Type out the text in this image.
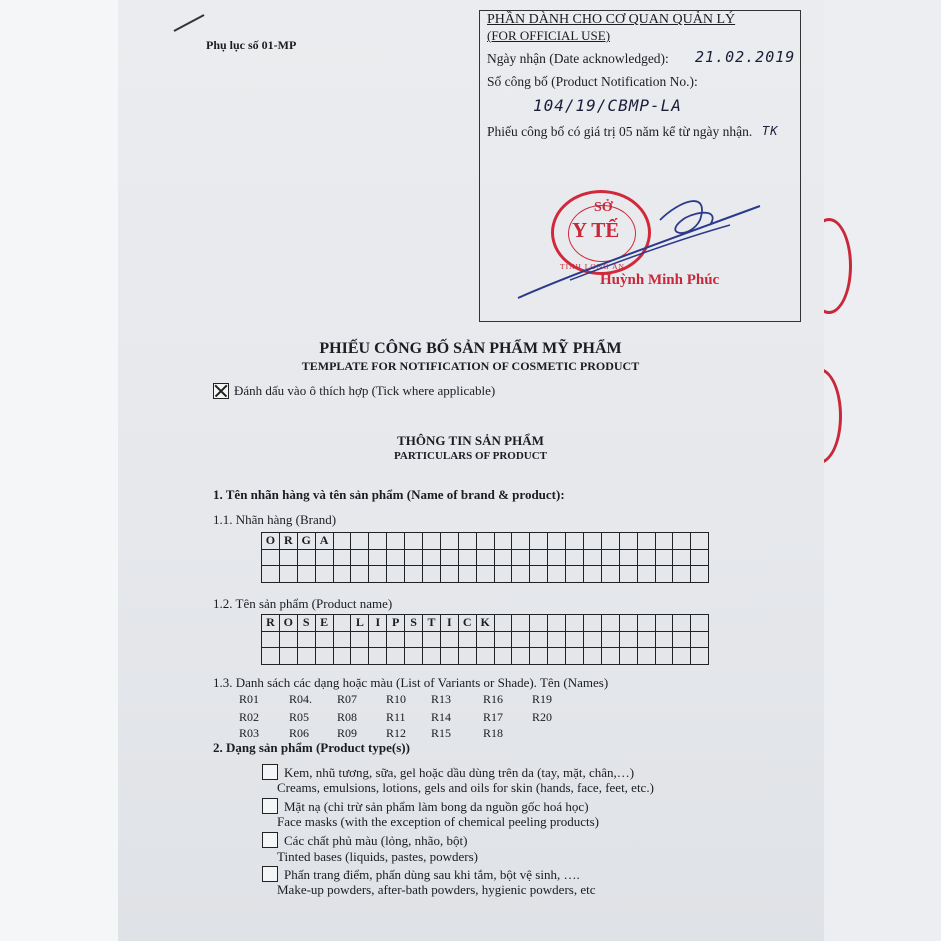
Phụ lục số 01-MP
PHẦN DÀNH CHO CƠ QUAN QUẢN LÝ
(FOR OFFICIAL USE)
Ngày nhận (Date acknowledged): 21.02.2019
Số công bố (Product Notification No.):
104/19/CBMP-LA
Phiếu công bố có giá trị 05 năm kể từ ngày nhận. TK
SỞ
Y TẾ
TỈNH LONG AN
Huỳnh Minh Phúc
PHIẾU CÔNG BỐ SẢN PHẨM MỸ PHẨM
TEMPLATE FOR NOTIFICATION OF COSMETIC PRODUCT
Đánh dấu vào ô thích hợp (Tick where applicable)
THÔNG TIN SẢN PHẨM
PARTICULARS OF PRODUCT
1. Tên nhãn hàng và tên sản phẩm (Name of brand & product):
1.1. Nhãn hàng (Brand)
O R G A
1.2. Tên sản phẩm (Product name)
R O S E	L I P S T I C K
1.3. Danh sách các dạng hoặc màu (List of Variants or Shade). Tên (Names)
R01 R04. R07 R10 R13	R16 R19
R02 R05 R08 R11 R14	R17 R20
R03 R06 R09 R12 R15	R18
2. Dạng sản phẩm (Product type(s))
Kem, nhũ tương, sữa, gel hoặc dầu dùng trên da (tay, mặt, chân,…)
Creams, emulsions, lotions, gels and oils for skin (hands, face, feet, etc.)
Mặt nạ (chỉ trừ sản phẩm làm bong da nguồn gốc hoá học)
Face masks (with the exception of chemical peeling products)
Các chất phủ màu (lỏng, nhão, bột)
Tinted bases (liquids, pastes, powders)
Phấn trang điểm, phấn dùng sau khi tắm, bột vệ sinh, ….
Make-up powders, after-bath powders, hygienic powders, etc
